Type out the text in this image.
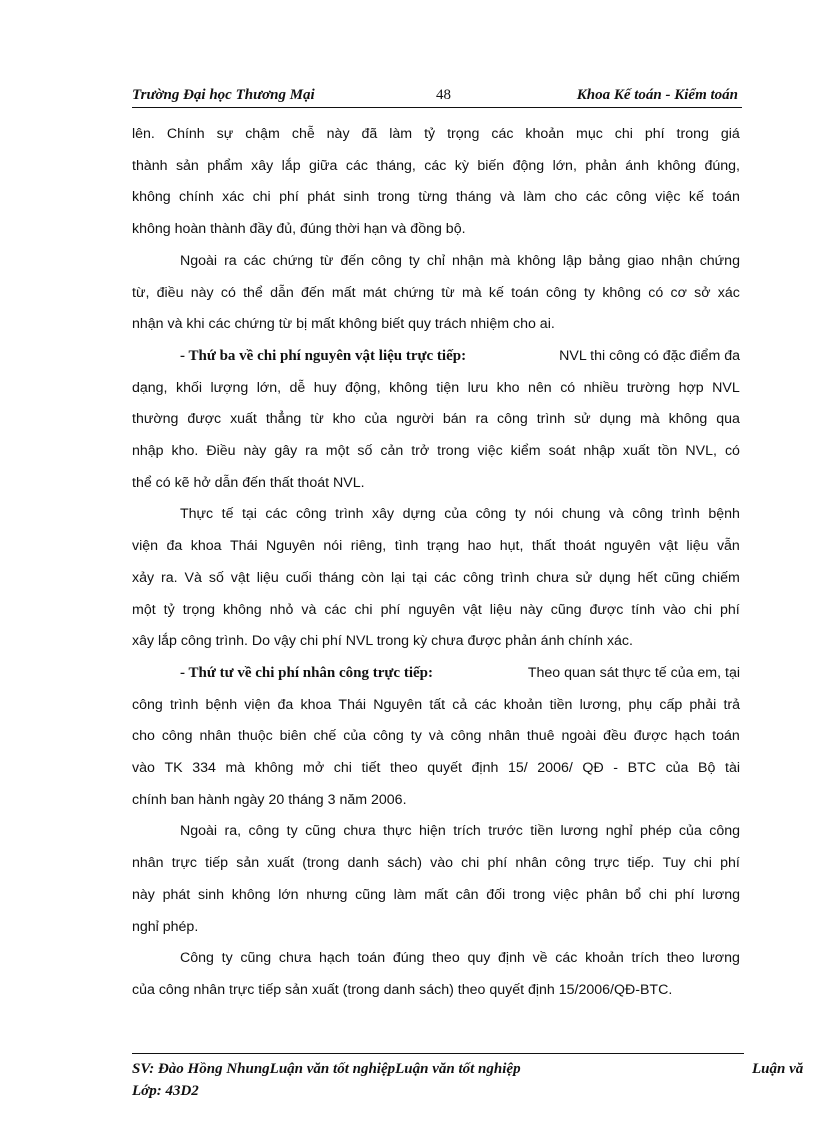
Trường Đại học Thương Mại	48	Khoa Kế toán - Kiểm toán
lên. Chính sự chậm chễ này đã làm tỷ trọng các khoản mục chi phí trong giá
thành sản phẩm xây lắp giữa các tháng, các kỳ biến động lớn, phản ánh không đúng,
không chính xác chi phí phát sinh trong từng tháng và làm cho các công việc kế toán
không hoàn thành đầy đủ, đúng thời hạn và đồng bộ.
Ngoài ra các chứng từ đến công ty chỉ nhận mà không lập bảng giao nhận chứng
từ, điều này có thể dẫn đến mất mát chứng từ mà kế toán công ty không có cơ sở xác
nhận và khi các chứng từ bị mất không biết quy trách nhiệm cho ai.
- Thứ ba về chi phí nguyên vật liệu trực tiếp:	NVL thi công có đặc điểm đa
dạng, khối lượng lớn, dễ huy động, không tiện lưu kho nên có nhiều trường hợp NVL
thường được xuất thẳng từ kho của người bán ra công trình sử dụng mà không qua
nhập kho. Điều này gây ra một số cản trở trong việc kiểm soát nhập xuất tồn NVL, có
thể có kẽ hở dẫn đến thất thoát NVL.
Thực tế tại các công trình xây dựng của công ty nói chung và công trình bệnh
viện đa khoa Thái Nguyên nói riêng, tình trạng hao hụt, thất thoát nguyên vật liệu vẫn
xảy ra. Và số vật liệu cuối tháng còn lại tại các công trình chưa sử dụng hết cũng chiếm
một tỷ trọng không nhỏ và các chi phí nguyên vật liệu này cũng được tính vào chi phí
xây lắp công trình. Do vậy chi phí NVL trong kỳ chưa được phản ánh chính xác.
- Thứ tư về chi phí nhân công trực tiếp:	Theo quan sát thực tế của em, tại
công trình bệnh viện đa khoa Thái Nguyên tất cả các khoản tiền lương, phụ cấp phải trả
cho công nhân thuộc biên chế của công ty và công nhân thuê ngoài đều được hạch toán
vào TK 334 mà không mở chi tiết theo quyết định 15/ 2006/ QĐ - BTC của Bộ tài
chính ban hành ngày 20 tháng 3 năm 2006.
Ngoài ra, công ty cũng chưa thực hiện trích trước tiền lương nghỉ phép của công
nhân trực tiếp sản xuất (trong danh sách) vào chi phí nhân công trực tiếp. Tuy chi phí
này phát sinh không lớn nhưng cũng làm mất cân đối trong việc phân bổ chi phí lương
nghỉ phép.
Công ty cũng chưa hạch toán đúng theo quy định về các khoản trích theo lương
của công nhân trực tiếp sản xuất (trong danh sách) theo quyết định 15/2006/QĐ-BTC.
SV: Đào Hồng NhungLuận văn tốt nghiệpLuận văn tốt nghiệp	Luận vă
Lớp: 43D2
